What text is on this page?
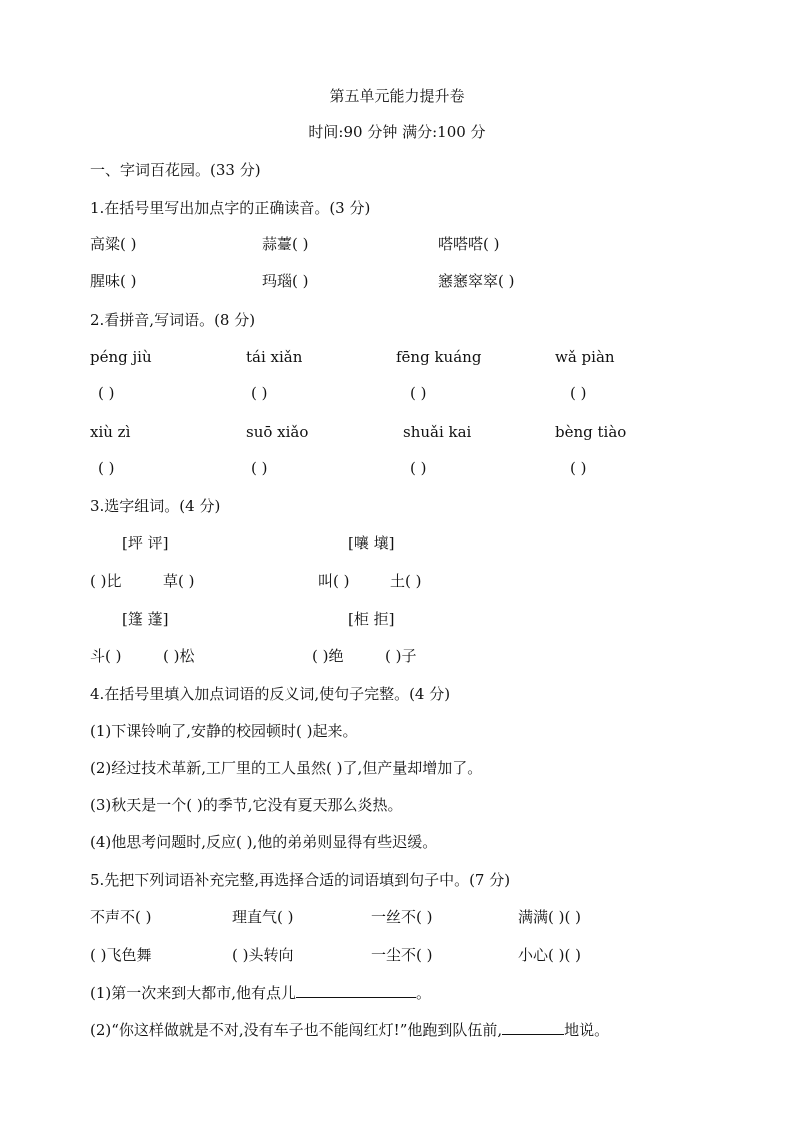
第五单元能力提升卷
时间:90 分钟 满分:100 分
一、字词百花园。(33 分)
1.在括号里写出加点字的正确读音。(3 分)
高粱( )	蒜薹( )	嗒嗒嗒( )
腥味( )	玛瑙( )	窸窸窣窣( )
2.看拼音,写词语。(8 分)
péng jiù	tái xiǎn	fēng kuáng	wǎ piàn
( )	( )	( )	( )
xiù zì	suō xiǎo	shuǎi kai	bèng tiào
( )	( )	( )	( )
3.选字组词。(4 分)
[坪 评]	[嚷 壤]
( )比	草( )	叫( )	土( )
[篷 蓬]	[柜 拒]
斗( )	( )松	( )绝	( )子
4.在括号里填入加点词语的反义词,使句子完整。(4 分)
(1)下课铃响了,安静的校园顿时( )起来。
(2)经过技术革新,工厂里的工人虽然( )了,但产量却增加了。
(3)秋天是一个( )的季节,它没有夏天那么炎热。
(4)他思考问题时,反应( ),他的弟弟则显得有些迟缓。
5.先把下列词语补充完整,再选择合适的词语填到句子中。(7 分)
不声不( )	理直气( )	一丝不( )	满满( )( )
( )飞色舞	( )头转向	一尘不( )	小心( )( )
(1)第一次来到大都市,他有点儿	。
(2)“你这样做就是不对,没有车子也不能闯红灯!”他跑到队伍前,	地说。
